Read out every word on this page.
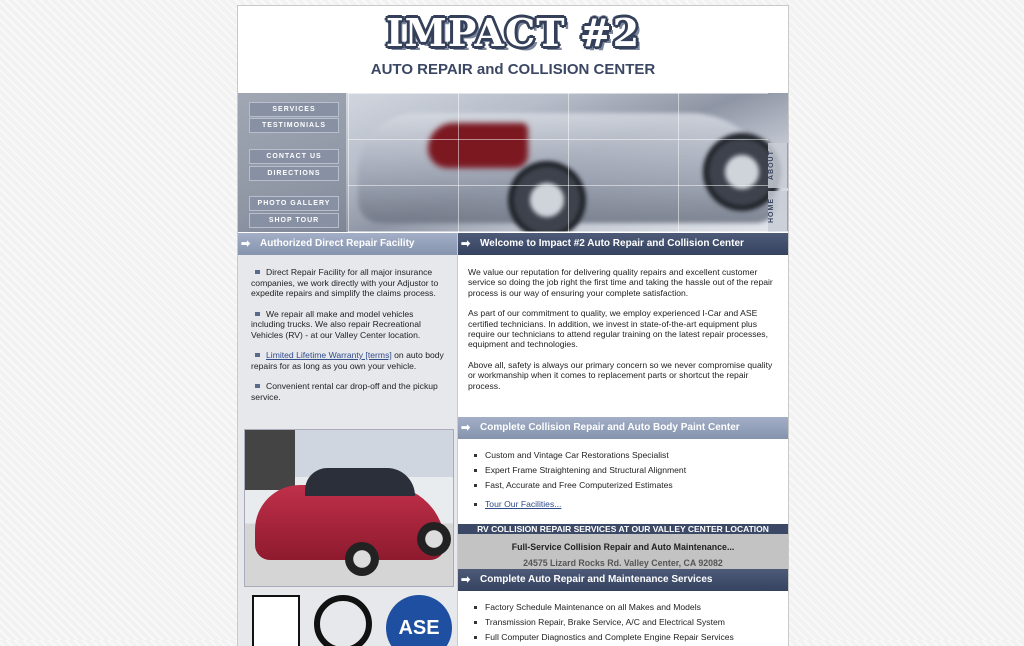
IMPACT #2
AUTO REPAIR and COLLISION CENTER
SERVICES
TESTIMONIALS
CONTACT US
DIRECTIONS
PHOTO GALLERY
SHOP TOUR
ABOUT
HOME
➡ Authorized Direct Repair Facility

Direct Repair Facility for all major insurance companies, we work directly with your Adjustor to expedite repairs and simplify the claims process.

We repair all make and model vehicles including trucks. We also repair Recreational Vehicles (RV) - at our Valley Center location.

Limited Lifetime Warranty [terms] on auto body repairs for as long as you own your vehicle.

Convenient rental car drop-off and the pickup service.

ASE
➡ Welcome to Impact #2 Auto Repair and Collision Center

We value our reputation for delivering quality repairs and excellent customer service so doing the job right the first time and taking the hassle out of the repair process is our way of ensuring your complete satisfaction.

As part of our commitment to quality, we employ experienced I-Car and ASE certified technicians. In addition, we invest in state-of-the-art equipment plus require our technicians to attend regular training on the latest repair processes, equipment and technologies.

Above all, safety is always our primary concern so we never compromise quality or workmanship when it comes to replacement parts or shortcut the repair process.

➡ Complete Collision Repair and Auto Body Paint Center
Custom and Vintage Car Restorations Specialist
Expert Frame Straightening and Structural Alignment
Fast, Accurate and Free Computerized Estimates
Tour Our Facilities...
RV COLLISION REPAIR SERVICES AT OUR VALLEY CENTER LOCATION
Full-Service Collision Repair and Auto Maintenance...
24575 Lizard Rocks Rd. Valley Center, CA 92082
➡ Complete Auto Repair and Maintenance Services
Factory Schedule Maintenance on all Makes and Models
Transmission Repair, Brake Service, A/C and Electrical System
Full Computer Diagnostics and Complete Engine Repair Services
